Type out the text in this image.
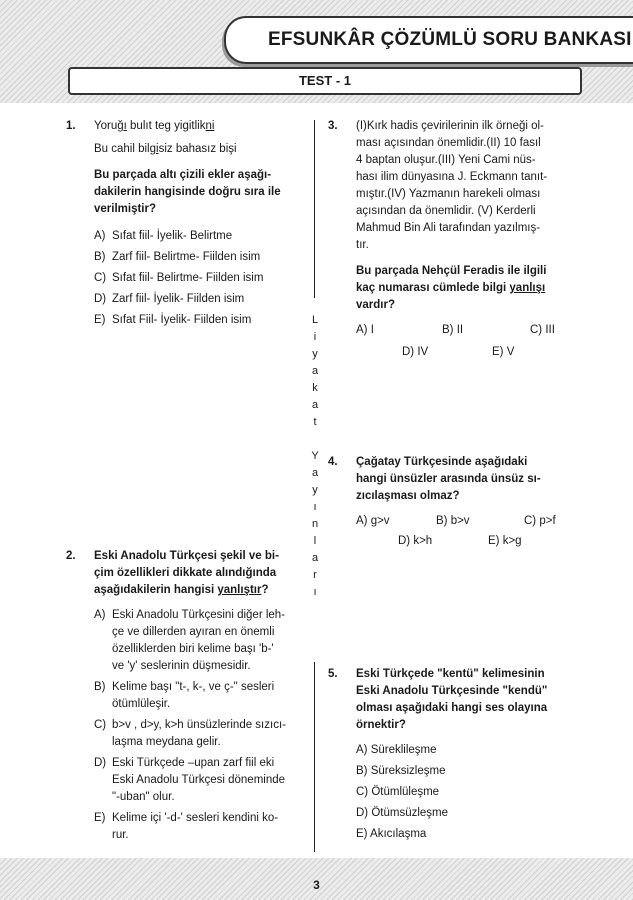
EFSUNKÂR ÇÖZÜMLÜ SORU BANKASI
TEST - 1
L
i
y
a
k
a
t
Y
a
y
ı
n
l
a
r
ı
1. Yoruğı bulıt teg yigitlikni

Bu cahil bilgisiz bahasız bişi

Bu parçada altı çizili ekler aşağı-

dakilerin hangisinde doğru sıra ile

verilmiştir?

A) Sıfat fiil- İyelik- Belirtme
B) Zarf fiil- Belirtme- Fiilden isim
C) Sıfat fiil- Belirtme- Fiilden isim
D) Zarf fiil- İyelik- Fiilden isim
E) Sıfat Fiil- İyelik- Fiilden isim
2. Eski Anadolu Türkçesi şekil ve bi-

çim özellikleri dikkate alındığında

aşağıdakilerin hangisi yanlıştır?

A) Eski Anadolu Türkçesini diğer leh-

çe ve dillerden ayıran en önemli

özelliklerden biri kelime başı 'b-'

ve 'y' seslerinin düşmesidir.

B) Kelime başı "t-, k-, ve ç-" sesleri

ötümlüleşir.

C) b>v , d>y, k>h ünsüzlerinde sızıcı-

laşma meydana gelir.

D) Eski Türkçede –upan zarf fiil eki

Eski Anadolu Türkçesi döneminde

"-uban" olur.

E) Kelime içi '-d-' sesleri kendini ko-

rur.

3. (I)Kırk hadis çevirilerinin ilk örneği ol-

ması açısından önemlidir.(II) 10 fasıl

4 baptan oluşur.(III) Yeni Cami nüs-

hası ilim dünyasına J. Eckmann tanıt-

mıştır.(IV) Yazmanın harekeli olması

açısından da önemlidir. (V) Kerderli

Mahmud Bin Ali tarafından yazılmış-

tır.

Bu parçada Nehçül Feradis ile ilgili

kaç numarası cümlede bilgi yanlışı

vardır?

A) I	B) II	C) III
D) IV	E) V
4. Çağatay Türkçesinde aşağıdaki

hangi ünsüzler arasında ünsüz sı-

zıcılaşması olmaz?

A) g>v	B) b>v	C) p>f
D) k>h	E) k>g
5. Eski Türkçede "kentü" kelimesinin

Eski Anadolu Türkçesinde "kendü"

olması aşağıdaki hangi ses olayına

örnektir?

A) Süreklileşme
B) Süreksizleşme
C) Ötümlüleşme
D) Ötümsüzleşme
E) Akıcılaşma
3
